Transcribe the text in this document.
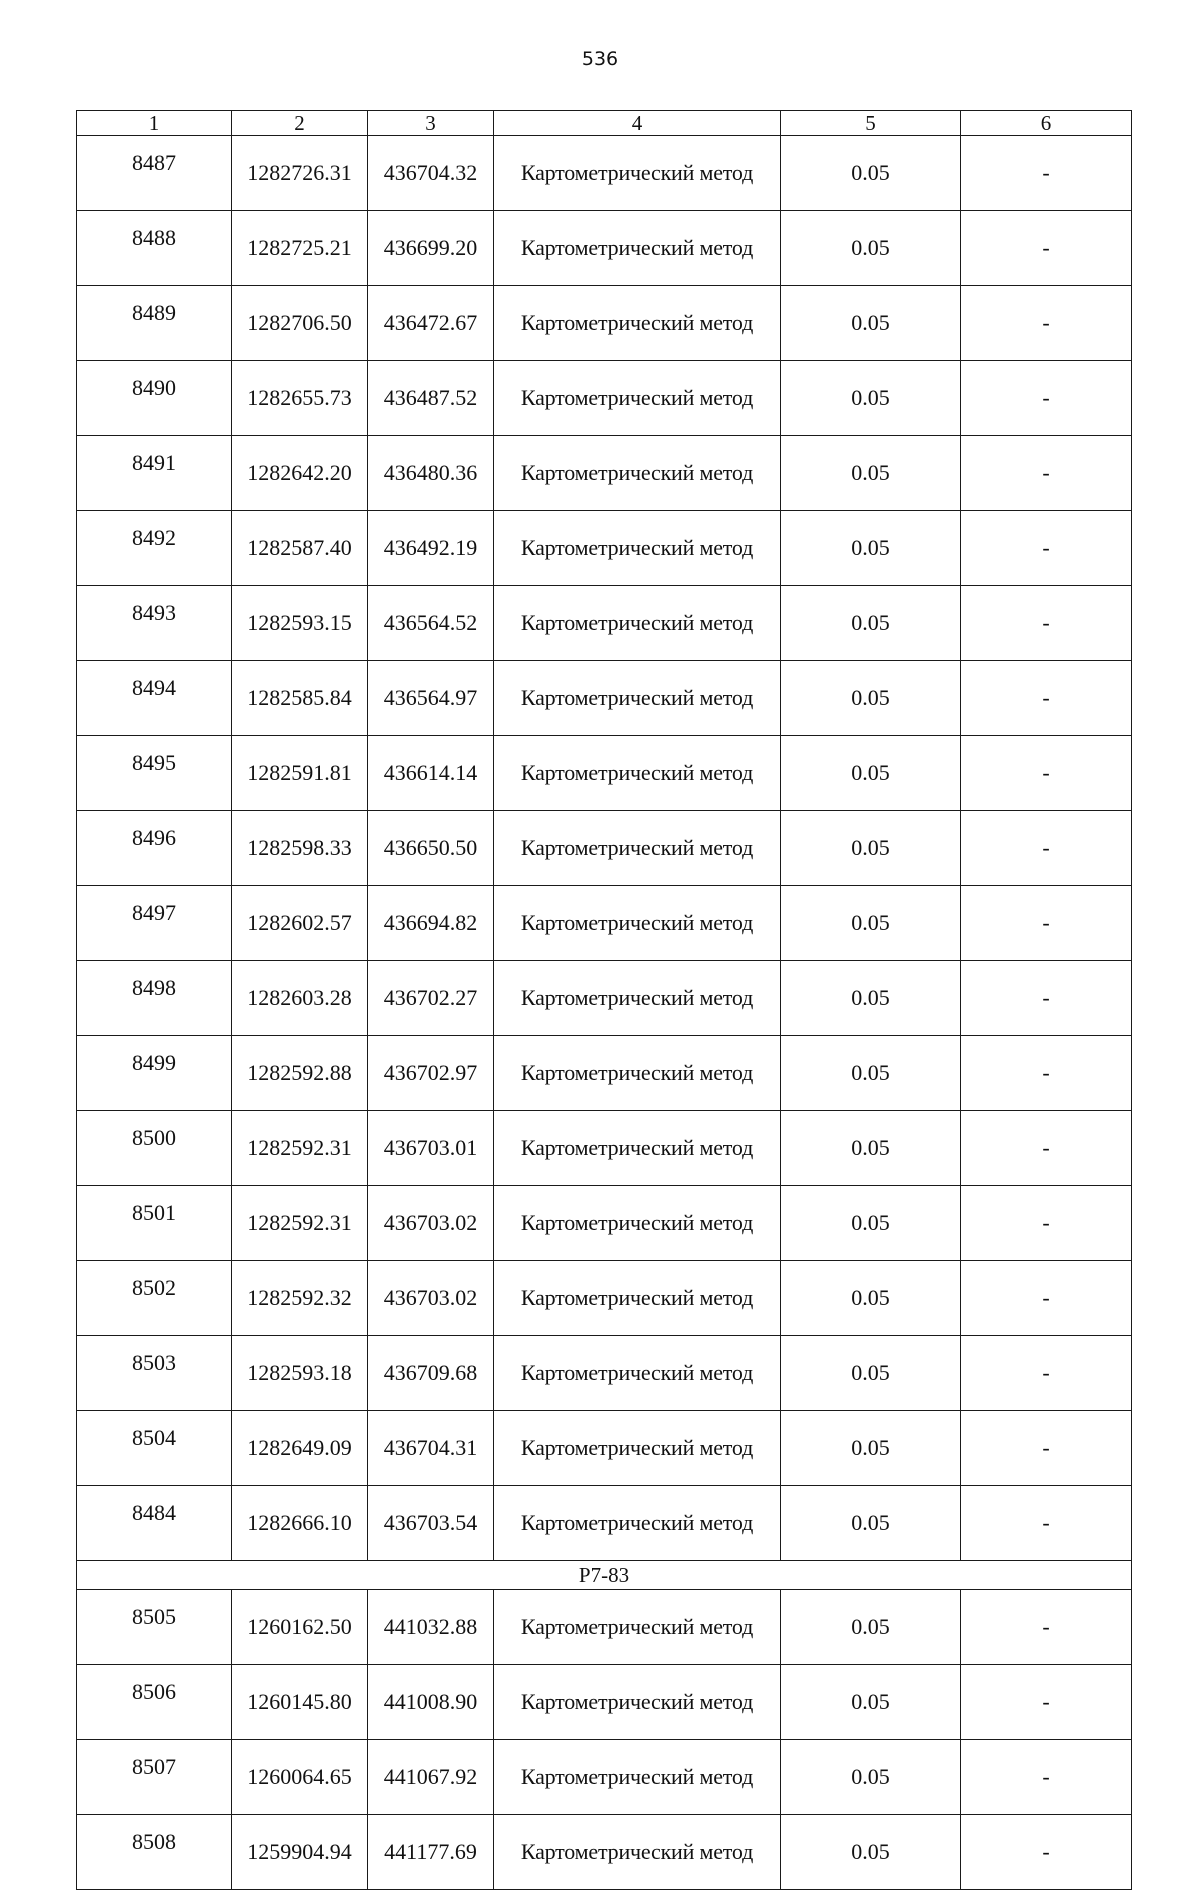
536
1	2	3	4	5	6
8487	1282726.31	436704.32	Картометрический метод	0.05	-
8488	1282725.21	436699.20	Картометрический метод	0.05	-
8489	1282706.50	436472.67	Картометрический метод	0.05	-
8490	1282655.73	436487.52	Картометрический метод	0.05	-
8491	1282642.20	436480.36	Картометрический метод	0.05	-
8492	1282587.40	436492.19	Картометрический метод	0.05	-
8493	1282593.15	436564.52	Картометрический метод	0.05	-
8494	1282585.84	436564.97	Картометрический метод	0.05	-
8495	1282591.81	436614.14	Картометрический метод	0.05	-
8496	1282598.33	436650.50	Картометрический метод	0.05	-
8497	1282602.57	436694.82	Картометрический метод	0.05	-
8498	1282603.28	436702.27	Картометрический метод	0.05	-
8499	1282592.88	436702.97	Картометрический метод	0.05	-
8500	1282592.31	436703.01	Картометрический метод	0.05	-
8501	1282592.31	436703.02	Картометрический метод	0.05	-
8502	1282592.32	436703.02	Картометрический метод	0.05	-
8503	1282593.18	436709.68	Картометрический метод	0.05	-
8504	1282649.09	436704.31	Картометрический метод	0.05	-
8484	1282666.10	436703.54	Картометрический метод	0.05	-
Р7-83					
8505	1260162.50	441032.88	Картометрический метод	0.05	-
8506	1260145.80	441008.90	Картометрический метод	0.05	-
8507	1260064.65	441067.92	Картометрический метод	0.05	-
8508	1259904.94	441177.69	Картометрический метод	0.05	-
